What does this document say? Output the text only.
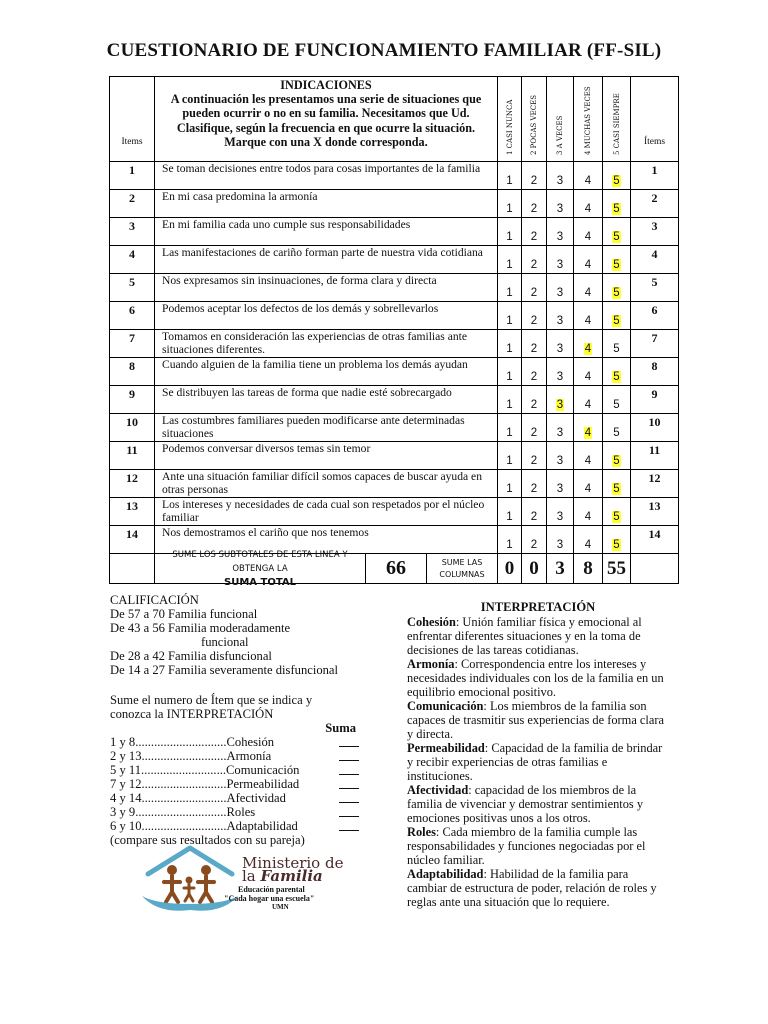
CUESTIONARIO DE FUNCIONAMIENTO FAMILIAR (FF-SIL)
Items	INDICACIONES
A continuación les presentamos una serie de situaciones que pueden ocurrir o no en su familia. Necesitamos que Ud. Clasifique, según la frecuencia en que ocurre la situación. Marque con una X donde corresponda.	1 CASI NUNCA	2 POCAS VECES	3 A VECES	4 MUCHAS VECES	5 CASI SIEMPRE	Ítems
1	Se toman decisiones entre todos para cosas importantes de la familia	1	2	3	4	5	1
2	En mi casa predomina la armonía	1	2	3	4	5	2
3	En mi familia cada uno cumple sus responsabilidades	1	2	3	4	5	3
4	Las manifestaciones de cariño forman parte de nuestra vida cotidiana	1	2	3	4	5	4
5	Nos expresamos sin insinuaciones, de forma clara y directa	1	2	3	4	5	5
6	Podemos aceptar los defectos de los demás y sobrellevarlos	1	2	3	4	5	6
7	Tomamos en consideración las experiencias de otras familias ante situaciones diferentes.	1	2	3	4	5	7
8	Cuando alguien de la familia tiene un problema los demás ayudan	1	2	3	4	5	8
9	Se distribuyen las tareas de forma que nadie esté sobrecargado	1	2	3	4	5	9
10	Las costumbres familiares pueden modificarse ante determinadas situaciones	1	2	3	4	5	10
11	Podemos conversar diversos temas sin temor	1	2	3	4	5	11
12	Ante una situación familiar difícil somos capaces de buscar ayuda en otras personas	1	2	3	4	5	12
13	Los intereses y necesidades de cada cual son respetados por el núcleo familiar	1	2	3	4	5	13
14	Nos demostramos el cariño que nos tenemos	1	2	3	4	5	14

	SUME LOS SUBTOTALES DE ESTA LINEA Y OBTENGA LA
SUMA TOTAL
66 SUME LAS COLUMNAS	0	0	3	8	55	
CALIFICACIÓN
De 57 a 70 Familia funcional
De 43 a 56 Familia moderadamente
funcional
De 28 a 42 Familia disfuncional
De 14 a 27 Familia severamente disfuncional
Sume el numero de Ítem que se indica y
conozca la INTERPRETACIÓN
Suma
1 y 8.............................Cohesión
2 y 13...........................Armonía
5 y 11...........................Comunicación
7 y 12...........................Permeabilidad
4 y 14...........................Afectividad
3 y 9.............................Roles
6 y 10...........................Adaptabilidad
(compare sus resultados con su pareja)
INTERPRETACIÓN
Cohesión: Unión familiar física y emocional al enfrentar diferentes situaciones y en la toma de decisiones de las tareas cotidianas.
Armonía: Correspondencia entre los intereses y necesidades individuales con los de la familia en un equilibrio emocional positivo.
Comunicación: Los miembros de la familia son capaces de trasmitir sus experiencias de forma clara y directa.
Permeabilidad: Capacidad de la familia de brindar y recibir experiencias de otras familias e instituciones.
Afectividad: capacidad de los miembros de la familia de vivenciar y demostrar sentimientos y emociones positivas unos a los otros.
Roles: Cada miembro de la familia cumple las responsabilidades y funciones negociadas por el núcleo familiar.
Adaptabilidad: Habilidad de la familia para cambiar de estructura de poder, relación de roles y reglas ante una situación que lo requiere.
Ministerio de
la Familia
Educación parental
"Cada hogar una escuela"
UMN
